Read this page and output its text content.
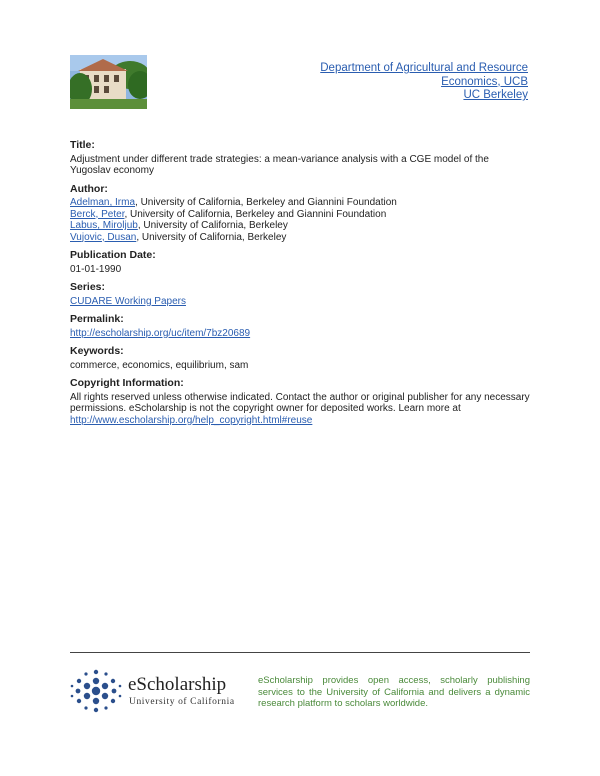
Department of Agricultural and Resource
Economics, UCB
UC Berkeley
Title:
Adjustment under different trade strategies: a mean-variance analysis with a CGE model of the Yugoslav economy
Author:
Adelman, Irma, University of California, Berkeley and Giannini Foundation
Berck, Peter, University of California, Berkeley and Giannini Foundation
Labus, Miroljub, University of California, Berkeley
Vujovic, Dusan, University of California, Berkeley
Publication Date:
01-01-1990
Series:
CUDARE Working Papers
Permalink:
http://escholarship.org/uc/item/7bz20689
Keywords:
commerce, economics, equilibrium, sam
Copyright Information:
All rights reserved unless otherwise indicated. Contact the author or original publisher for any necessary permissions. eScholarship is not the copyright owner for deposited works. Learn more at http://www.escholarship.org/help_copyright.html#reuse
eScholarship
University of California
eScholarship provides open access, scholarly publishing services to the University of California and delivers a dynamic research platform to scholars worldwide.
